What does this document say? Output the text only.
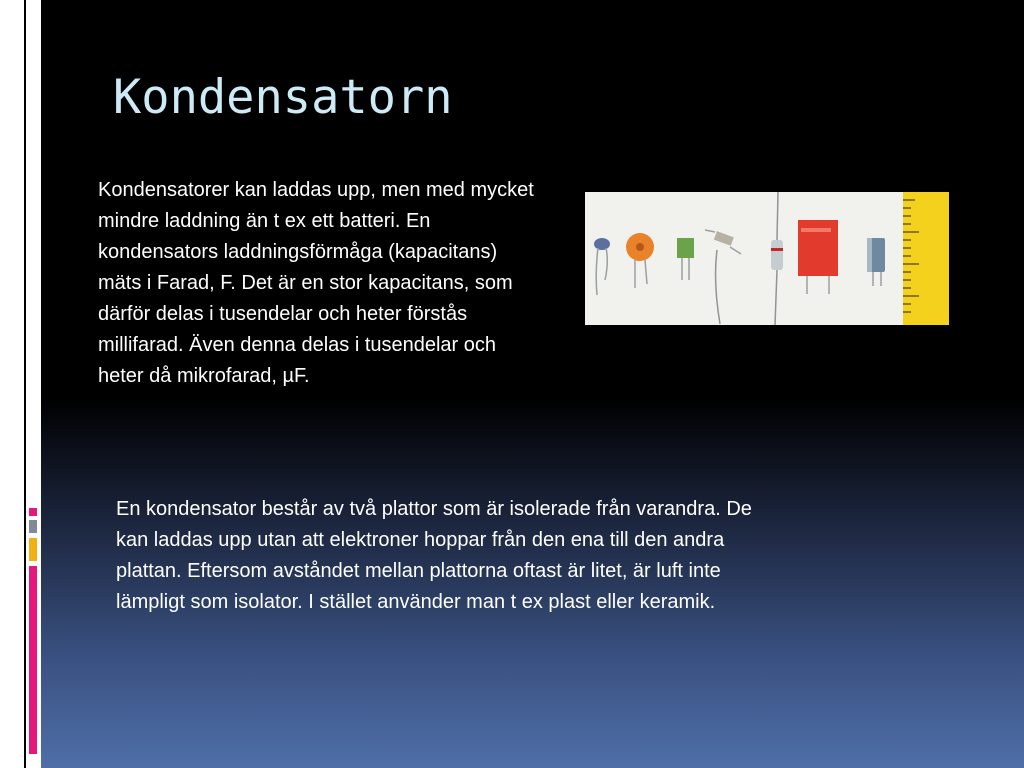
Kondensatorn

Kondensatorer kan laddas upp, men med mycket mindre laddning än t ex ett batteri. En kondensators laddningsförmåga (kapacitans) mäts i Farad, F. Det är en stor kapacitans, som därför delas i tusendelar och heter förstås millifarad. Även denna delas i tusendelar och heter då mikrofarad, µF.

En kondensator består av två plattor som är isolerade från varandra. De kan laddas upp utan att elektroner hoppar från den ena till den andra plattan. Eftersom avståndet mellan plattorna oftast är litet, är luft inte lämpligt som isolator. I stället använder man t ex plast eller keramik.
